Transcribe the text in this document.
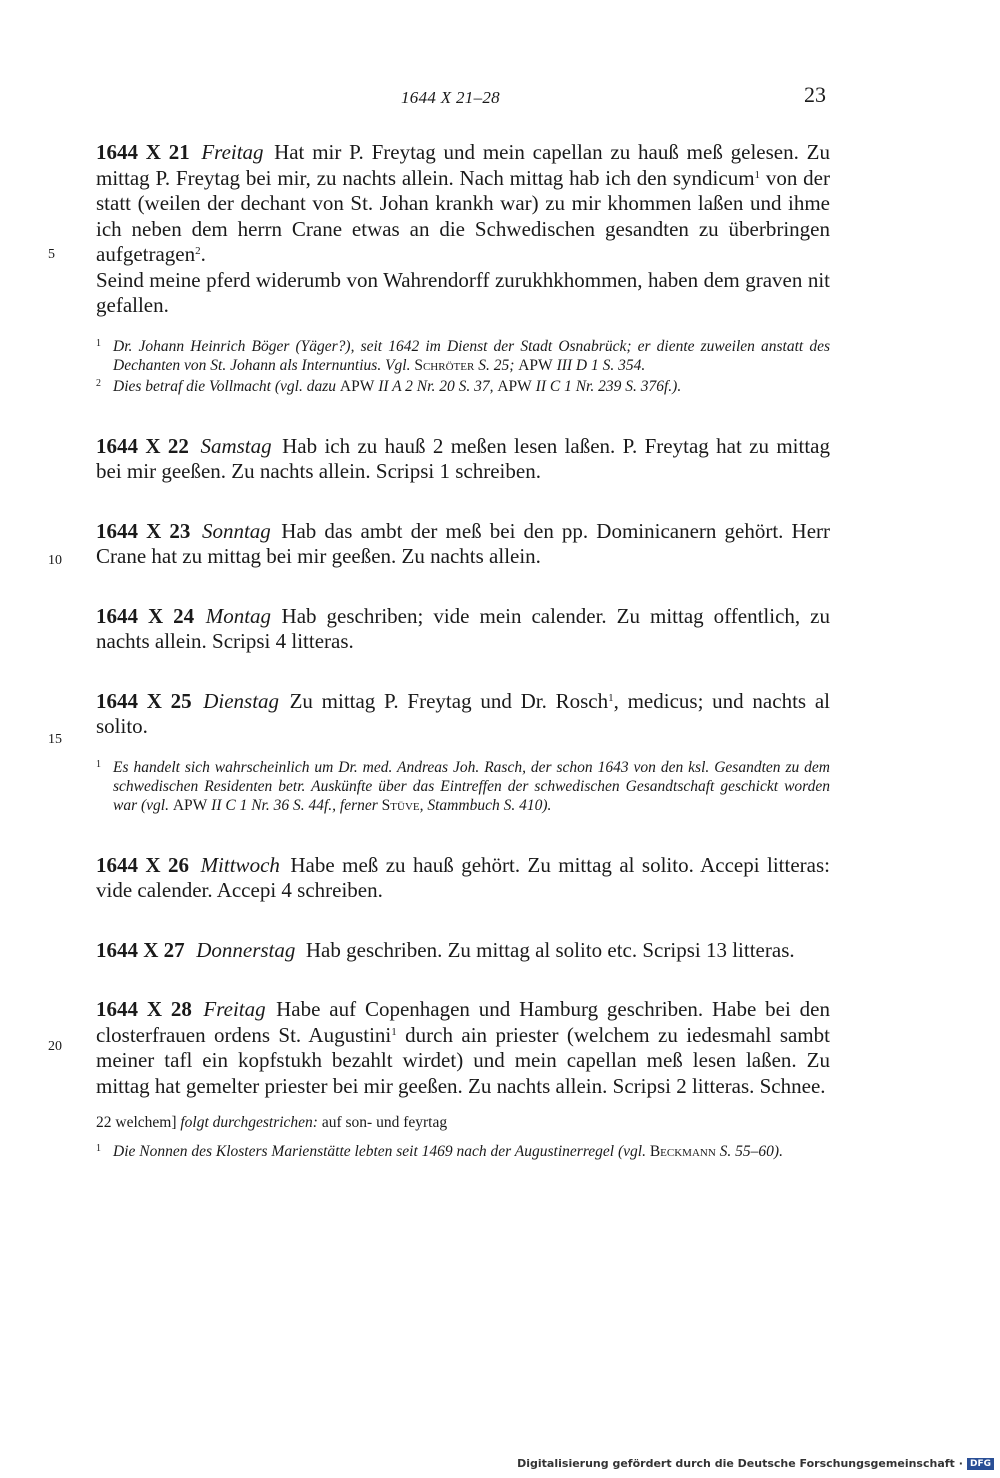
1644 X 21–28	23
5
10
15
20

1644 X 21 Freitag Hat mir P. Freytag und mein capellan zu hauß meß gelesen. Zu mittag P. Freytag bei mir, zu nachts allein. Nach mittag hab ich den syndicum$^1$ von der statt (weilen der dechant von St. Johan krankh war) zu mir khommen laßen und ihme ich neben dem herrn Crane etwas an die Schwedischen gesandten zu überbringen aufgetragen$^2$.

Seind meine pferd widerumb von Wahrendorff zurukhkhommen, haben dem graven nit gefallen.

1 Dr. Johann Heinrich Böger (Yäger?), seit 1642 im Dienst der Stadt Osnabrück; er diente zuweilen anstatt des Dechanten von St. Johann als Internuntius. Vgl. Schröter S. 25; APW III D 1 S. 354.

2 Dies betraf die Vollmacht (vgl. dazu APW II A 2 Nr. 20 S. 37, APW II C 1 Nr. 239 S. 376f.).

1644 X 22 Samstag Hab ich zu hauß 2 meßen lesen laßen. P. Freytag hat zu mittag bei mir geeßen. Zu nachts allein. Scripsi 1 schreiben.

1644 X 23 Sonntag Hab das ambt der meß bei den pp. Dominicanern gehört. Herr Crane hat zu mittag bei mir geeßen. Zu nachts allein.

1644 X 24 Montag Hab geschriben; vide mein calender. Zu mittag offentlich, zu nachts allein. Scripsi 4 litteras.

1644 X 25 Dienstag Zu mittag P. Freytag und Dr. Rosch$^1$, medicus; und nachts al solito.

1 Es handelt sich wahrscheinlich um Dr. med. Andreas Joh. Rasch, der schon 1643 von den ksl. Gesandten zu dem schwedischen Residenten betr. Auskünfte über das Eintreffen der schwedischen Gesandtschaft geschickt worden war (vgl. APW II C 1 Nr. 36 S. 44f., ferner Stüve, Stammbuch S. 410).

1644 X 26 Mittwoch Habe meß zu hauß gehört. Zu mittag al solito. Accepi litteras: vide calender. Accepi 4 schreiben.

1644 X 27 Donnerstag Hab geschriben. Zu mittag al solito etc. Scripsi 13 litteras.

1644 X 28 Freitag Habe auf Copenhagen und Hamburg geschriben. Habe bei den closterfrauen ordens St. Augustini$^1$ durch ain priester (welchem zu iedesmahl sambt meiner tafl ein kopfstukh bezahlt wirdet) und mein capellan meß lesen laßen. Zu mittag hat gemelter priester bei mir geeßen. Zu nachts allein. Scripsi 2 litteras. Schnee.

22 welchem] folgt durchgestrichen: auf son- und feyrtag

1 Die Nonnen des Klosters Marienstätte lebten seit 1469 nach der Augustinerregel (vgl. Beckmann S. 55–60).

Digitalisierung gefördert durch die Deutsche Forschungsgemeinschaft · DFG
